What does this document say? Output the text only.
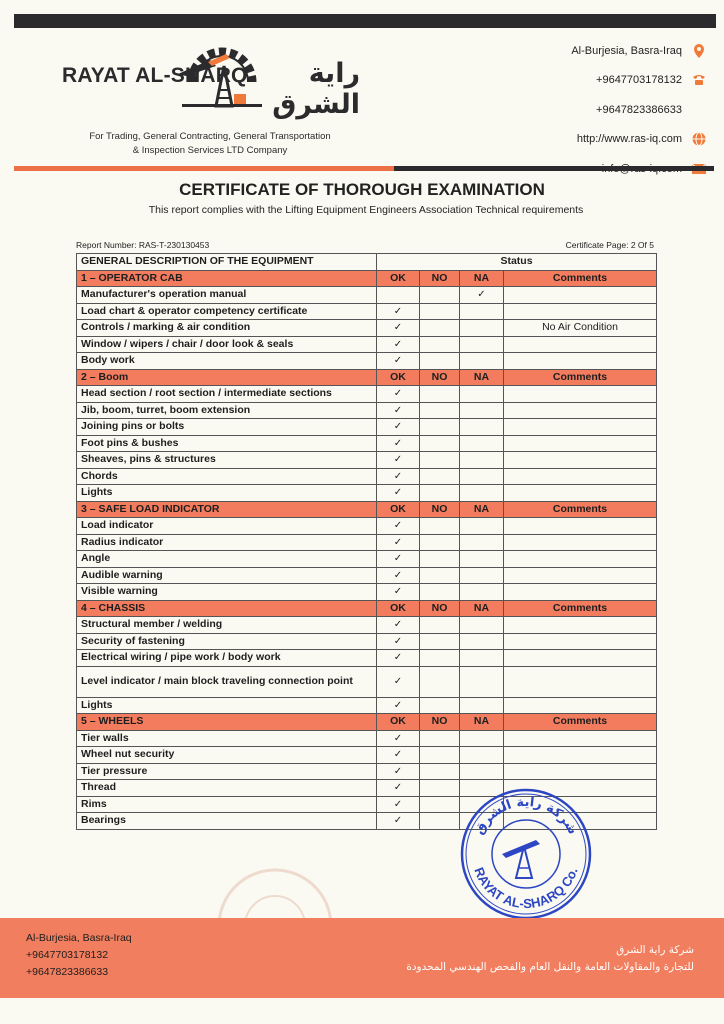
RAYAT AL-SHARQ	راية الشرق
For Trading, General Contracting, General Transportation
& Inspection Services LTD Company
Al-Burjesia, Basra-Iraq
+9647703178132
+9647823386633
http://www.ras-iq.com
CERTIFICATE OF THOROUGH EXAMINATION
This report complies with the Lifting Equipment Engineers Association Technical requirements
Report Number: RAS-T-230130453	Certificate Page: 2 Of 5
GENERAL DESCRIPTION OF THE EQUIPMENT	Status			
1 – OPERATOR CAB	OK	NO	NA	Comments
Manufacturer's operation manual			✓	
Load chart & operator competency certificate	✓			
Controls / marking & air condition	✓			No Air Condition
Window / wipers / chair / door look & seals	✓			
Body work	✓			
2 – Boom	OK	NO	NA	Comments
Head section / root section / intermediate sections	✓			
Jib, boom, turret, boom extension	✓			
Joining pins or bolts	✓			
Foot pins & bushes	✓			
Sheaves, pins & structures	✓			
Chords	✓			
Lights	✓			
3 – SAFE LOAD INDICATOR	OK	NO	NA	Comments
Load indicator	✓			
Radius indicator	✓			
Angle	✓			
Audible warning	✓			
Visible warning	✓			
4 – CHASSIS	OK	NO	NA	Comments
Structural member / welding	✓			
Security of fastening	✓			
Electrical wiring / pipe work / body work	✓			
Level indicator / main block traveling connection point	✓			
Lights	✓			
5 – WHEELS	OK	NO	NA	Comments
Tier walls	✓			
Wheel nut security	✓			
Tier pressure	✓			
Thread	✓			
Rims	✓			
Bearings	✓				شركة راية الشرق
RAYAT AL-SHARQ Co.
Al-Burjesia, Basra-Iraq
+9647703178132
+9647823386633
شركة راية الشرق
للتجارة والمقاولات العامة والنقل العام والفحص الهندسي المحدودة
